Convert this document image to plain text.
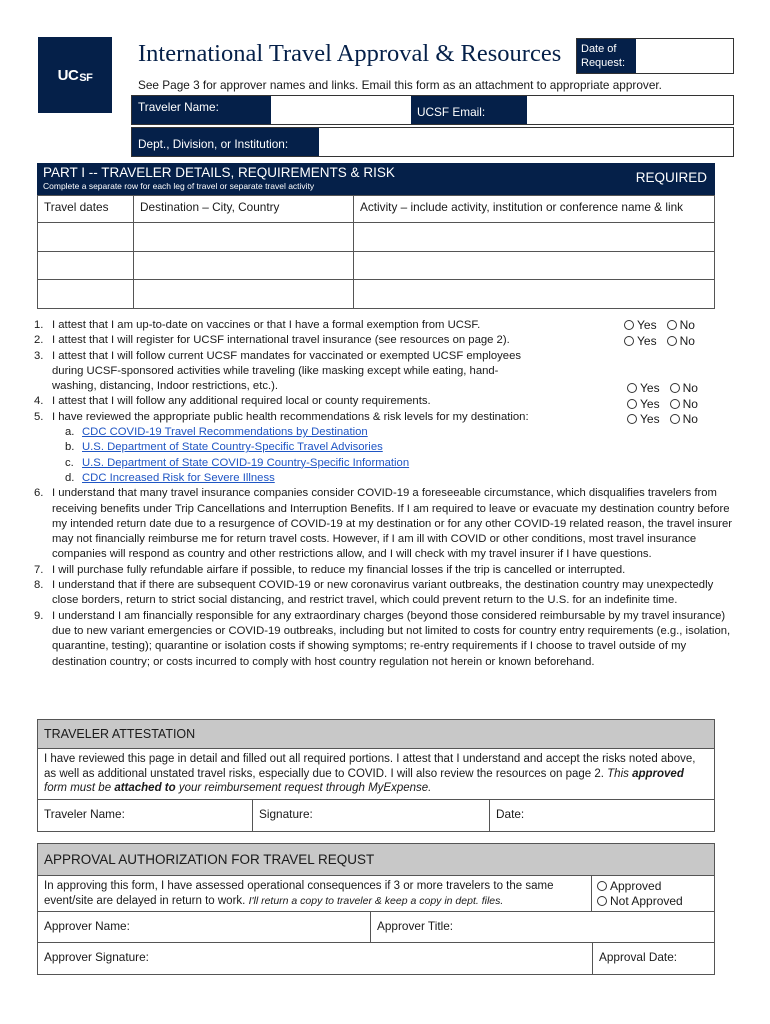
UC SF
International Travel Approval & Resources	Date of Request:
See Page 3 for approver names and links. Email this form as an attachment to appropriate approver.
Traveler Name:	UCSF Email:
Dept., Division, or Institution:
PART I -- TRAVELER DETAILS, REQUIREMENTS & RISK
Complete a separate row for each leg of travel or separate travel activity
REQUIRED
Travel dates	Destination – City, Country	Activity – include activity, institution or conference name & link

Yes	No
Yes	No
Yes	No
Yes	No
Yes	No
1. I attest that I am up-to-date on vaccines or that I have a formal exemption from UCSF.
2. I attest that I will register for UCSF international travel insurance (see resources on page 2).
3. I attest that I will follow current UCSF mandates for vaccinated or exempted UCSF employees during UCSF-sponsored activities while traveling (like masking except while eating, hand-washing, distancing, Indoor restrictions, etc.).
4. I attest that I will follow any additional required local or county requirements.
5. I have reviewed the appropriate public health recommendations & risk levels for my destination:
a. CDC COVID-19 Travel Recommendations by Destination
b. U.S. Department of State Country-Specific Travel Advisories
c. U.S. Department of State COVID-19 Country-Specific Information
d. CDC Increased Risk for Severe Illness
6. I understand that many travel insurance companies consider COVID-19 a foreseeable circumstance, which disqualifies travelers from receiving benefits under Trip Cancellations and Interruption Benefits. If I am required to leave or evacuate my destination country before my intended return date due to a resurgence of COVID-19 at my destination or for any other COVID-19 related reason, the travel insurer may not financially reimburse me for return travel costs. However, if I am ill with COVID or other conditions, most travel insurance companies will respond as country and other restrictions allow, and I will check with my travel insurer if I have questions.
7. I will purchase fully refundable airfare if possible, to reduce my financial losses if the trip is cancelled or interrupted.
8. I understand that if there are subsequent COVID-19 or new coronavirus variant outbreaks, the destination country may unexpectedly close borders, return to strict social distancing, and restrict travel, which could prevent return to the U.S. for an indefinite time.
9. I understand I am financially responsible for any extraordinary charges (beyond those considered reimbursable by my travel insurance) due to new variant emergencies or COVID-19 outbreaks, including but not limited to costs for country entry requirements (e.g., isolation, quarantine, testing); quarantine or isolation costs if showing symptoms; re-entry requirements if I choose to travel outside of my destination country; or costs incurred to comply with host country regulation not herein or known beforehand.
TRAVELER ATTESTATION
I have reviewed this page in detail and filled out all required portions. I attest that I understand and accept the risks noted above, as well as additional unstated travel risks, especially due to COVID. I will also review the resources on page 2. This approved form must be attached to your reimbursement request through MyExpense.
Traveler Name:	Signature:	Date:
APPROVAL AUTHORIZATION FOR TRAVEL REQUST
In approving this form, I have assessed operational consequences if 3 or more travelers to the same event/site are delayed in return to work. I'll return a copy to traveler & keep a copy in dept. files.
Approved
Not Approved
Approver Name:	Approver Title:
Approver Signature:	Approval Date:
